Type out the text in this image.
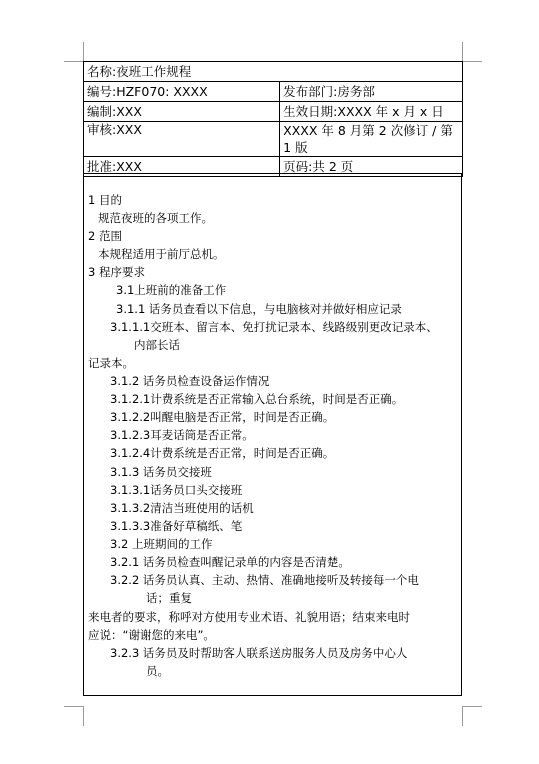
名称:夜班工作规程	
编号:HZF070: XXXX	发布部门:房务部
编制:XXX	生效日期:XXXX 年 x 月 x 日
审核:XXX	XXXX 年 8 月第 2 次修订 / 第 1 版
批准:XXX	页码:共 2 页
1 目的
规范夜班的各项工作。
2 范围
本规程适用于前厅总机。
3 程序要求
3.1上班前的准备工作
3.1.1 话务员查看以下信息，与电脑核对并做好相应记录
3.1.1.1交班本、留言本、免打扰记录本、线路级别更改记录本、
内部长话
记录本。
3.1.2 话务员检查设备运作情况
3.1.2.1计费系统是否正常输入总台系统，时间是否正确。
3.1.2.2叫醒电脑是否正常，时间是否正确。
3.1.2.3耳麦话筒是否正常。
3.1.2.4计费系统是否正常，时间是否正确。
3.1.3 话务员交接班
3.1.3.1话务员口头交接班
3.1.3.2清洁当班使用的话机
3.1.3.3准备好草稿纸、笔
3.2 上班期间的工作
3.2.1 话务员检查叫醒记录单的内容是否清楚。
3.2.2 话务员认真、主动、热情、准确地接听及转接每一个电
话；重复
来电者的要求，称呼对方使用专业术语、礼貌用语；结束来电时
应说：“谢谢您的来电”。
3.2.3 话务员及时帮助客人联系送房服务人员及房务中心人
员。
